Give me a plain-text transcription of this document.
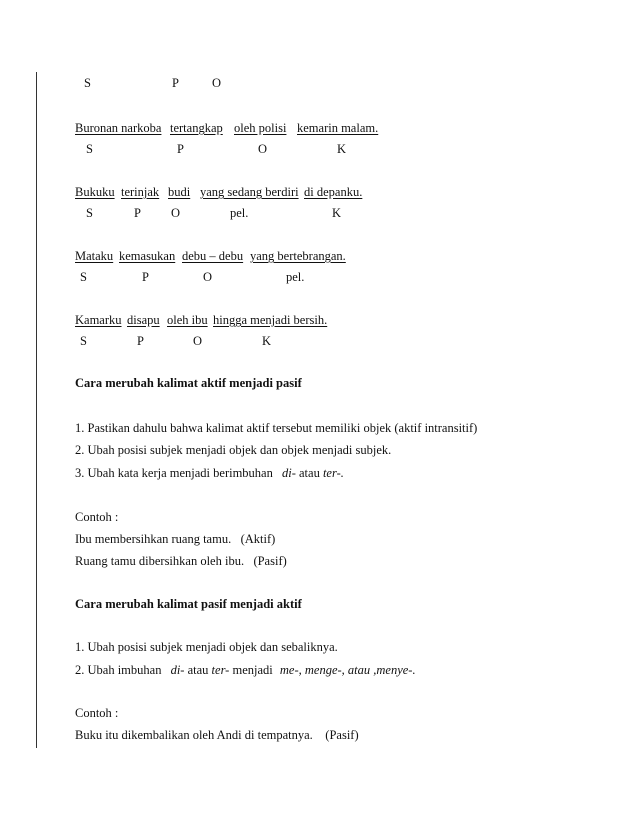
S	P	O
Buronan narkoba tertangkap oleh polisi kemarin malam.
S	P	O	K
Bukuku terinjak budi yang sedang berdiri di depanku.
S	P O	pel.	K
Mataku kemasukan debu – debu yang bertebrangan.
S	P	O	pel.
Kamarku disapu oleh ibu hingga menjadi bersih.
S	P	O	K
Cara merubah kalimat aktif menjadi pasif
1. Pastikan dahulu bahwa kalimat aktif tersebut memiliki objek (aktif intransitif)
2. Ubah posisi subjek menjadi objek dan objek menjadi subjek.
3. Ubah kata kerja menjadi berimbuhan di- atau ter-.
Contoh :
Ibu membersihkan ruang tamu.   (Aktif)
Ruang tamu dibersihkan oleh ibu.   (Pasif)
Cara merubah kalimat pasif menjadi aktif
1. Ubah posisi subjek menjadi objek dan sebaliknya.
2. Ubah imbuhan di- atau ter- menjadi me-, menge-, atau ,menye-.
Contoh :
Buku itu dikembalikan oleh Andi di tempatnya.    (Pasif)
